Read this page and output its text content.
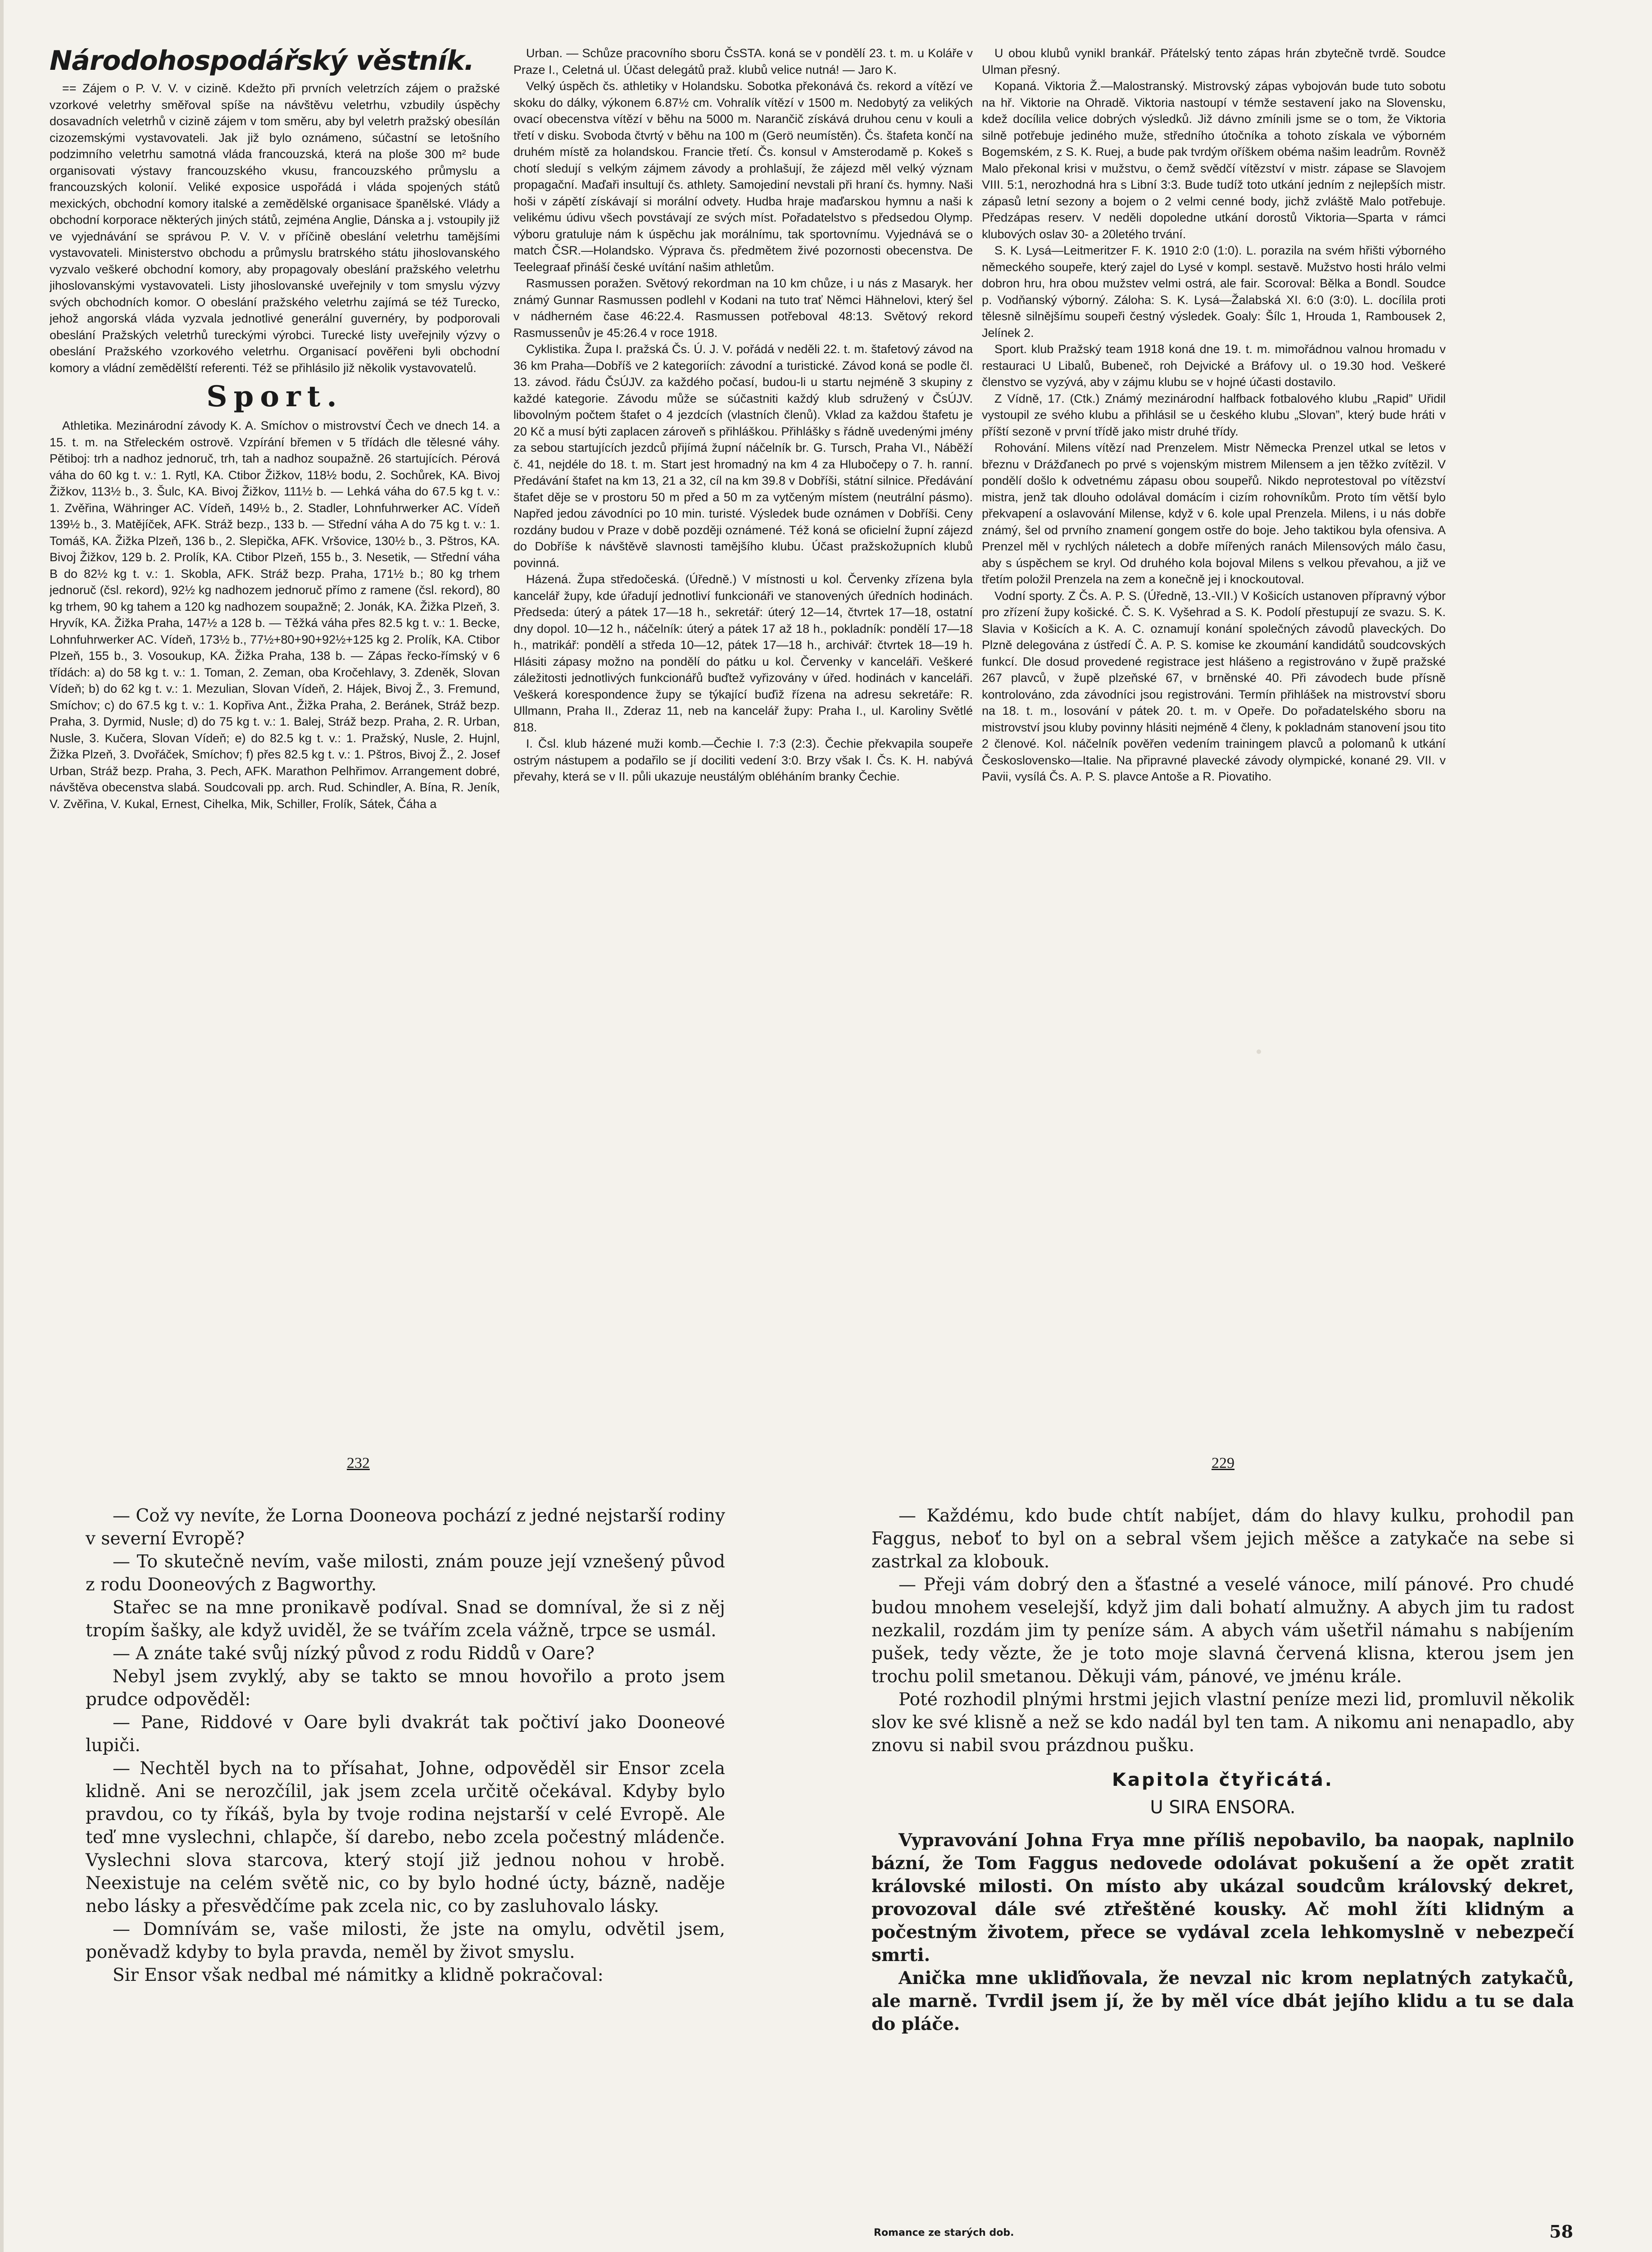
Národohospodářský věstník.

== Zájem o P. V. V. v cizině. Kdežto při prvních veletrzích zájem o pražské vzorkové veletrhy směřoval spíše na návštěvu veletrhu, vzbudily úspěchy dosavadních veletrhů v cizině zájem v tom směru, aby byl veletrh pražský obesílán cizozemskými vystavovateli. Jak již bylo oznámeno, súčastní se letošního podzimního veletrhu samotná vláda francouzská, která na ploše 300 m² bude organisovati výstavy francouzského vkusu, francouzského průmyslu a francouzských kolonií. Veliké exposice uspořádá i vláda spojených států mexických, obchodní komory italské a zemědělské organisace španělské. Vlády a obchodní korporace některých jiných států, zejména Anglie, Dánska a j. vstoupily již ve vyjednávání se správou P. V. V. v příčině obeslání veletrhu tamějšími vystavovateli. Ministerstvo obchodu a průmyslu bratrského státu jihoslovanského vyzvalo veškeré obchodní komory, aby propagovaly obeslání pražského veletrhu jihoslovanskými vystavovateli. Listy jihoslovanské uveřejnily v tom smyslu výzvy svých obchodních komor. O obeslání pražského veletrhu zajímá se též Turecko, jehož angorská vláda vyzvala jednotlivé generální guvernéry, by podporovali obeslání Pražských veletrhů tureckými výrobci. Turecké listy uveřejnily výzvy o obeslání Pražského vzorkového veletrhu. Organisací pověřeni byli obchodní komory a vládní zemědělští referenti. Též se přihlásilo již několik vystavovatelů.

Sport.

Athletika. Mezinárodní závody K. A. Smíchov o mistrovství Čech ve dnech 14. a 15. t. m. na Střeleckém ostrově. Vzpírání břemen v 5 třídách dle tělesné váhy. Pětiboj: trh a nadhoz jednoruč, trh, tah a nadhoz soupažně. 26 startujících. Pérová váha do 60 kg t. v.: 1. Rytl, KA. Ctibor Žižkov, 118½ bodu, 2. Sochůrek, KA. Bivoj Žižkov, 113½ b., 3. Šulc, KA. Bivoj Žižkov, 111½ b. — Lehká váha do 67.5 kg t. v.: 1. Zvěřina, Währinger AC. Vídeň, 149½ b., 2. Stadler, Lohnfuhrwerker AC. Vídeň 139½ b., 3. Matějíček, AFK. Stráž bezp., 133 b. — Střední váha A do 75 kg t. v.: 1. Tomáš, KA. Žižka Plzeň, 136 b., 2. Slepička, AFK. Vršovice, 130½ b., 3. Pštros, KA. Bivoj Žižkov, 129 b. 2. Prolík, KA. Ctibor Plzeň, 155 b., 3. Nesetik, — Střední váha B do 82½ kg t. v.: 1. Skobla, AFK. Stráž bezp. Praha, 171½ b.; 80 kg trhem jednoruč (čsl. rekord), 92½ kg nadhozem jednoruč přímo z ramene (čsl. rekord), 80 kg trhem, 90 kg tahem a 120 kg nadhozem soupažně; 2. Jonák, KA. Žižka Plzeň, 3. Hryvík, KA. Žižka Praha, 147½ a 128 b. — Těžká váha přes 82.5 kg t. v.: 1. Becke, Lohnfuhrwerker AC. Vídeň, 173½ b., 77½+80+90+92½+125 kg 2. Prolík, KA. Ctibor Plzeň, 155 b., 3. Vosoukup, KA. Žižka Praha, 138 b. — Zápas řecko-římský v 6 třídách: a) do 58 kg t. v.: 1. Toman, 2. Zeman, oba Kročehlavy, 3. Zdeněk, Slovan Vídeň; b) do 62 kg t. v.: 1. Mezulian, Slovan Vídeň, 2. Hájek, Bivoj Ž., 3. Fremund, Smíchov; c) do 67.5 kg t. v.: 1. Kopřiva Ant., Žižka Praha, 2. Beránek, Stráž bezp. Praha, 3. Dyrmid, Nusle; d) do 75 kg t. v.: 1. Balej, Stráž bezp. Praha, 2. R. Urban, Nusle, 3. Kučera, Slovan Vídeň; e) do 82.5 kg t. v.: 1. Pražský, Nusle, 2. Hujnl, Žižka Plzeň, 3. Dvořáček, Smíchov; f) přes 82.5 kg t. v.: 1. Pštros, Bivoj Ž., 2. Josef Urban, Stráž bezp. Praha, 3. Pech, AFK. Marathon Pelhřimov. Arrangement dobré, návštěva obecenstva slabá. Soudcovali pp. arch. Rud. Schindler, A. Bína, R. Jeník, V. Zvěřina, V. Kukal, Ernest, Cihelka, Mik, Schiller, Frolík, Sátek, Čáha a

Urban. — Schůze pracovního sboru ČsSTA. koná se v pondělí 23. t. m. u Koláře v Praze I., Celetná ul. Účast delegátů praž. klubů velice nutná! — Jaro K.

Velký úspěch čs. athletiky v Holandsku. Sobotka překonává čs. rekord a vítězí ve skoku do dálky, výkonem 6.87½ cm. Vohralík vítězí v 1500 m. Nedobytý za velikých ovací obecenstva vítězí v běhu na 5000 m. Narančič získává druhou cenu v kouli a třetí v disku. Svoboda čtvrtý v běhu na 100 m (Gerö neumístěn). Čs. štafeta končí na druhém místě za holandskou. Francie třetí. Čs. konsul v Amsterodamě p. Kokeš s chotí sledují s velkým zájmem závody a prohlašují, že zájezd měl velký význam propagační. Maďaři insultují čs. athlety. Samojediní nevstali při hraní čs. hymny. Naši hoši v zápětí získávají si morální odvety. Hudba hraje maďarskou hymnu a naši k velikému údivu všech povstávají ze svých míst. Pořadatelstvo s předsedou Olymp. výboru gratuluje nám k úspěchu jak morálnímu, tak sportovnímu. Vyjednává se o match ČSR.—Holandsko. Výprava čs. předmětem živé pozornosti obecenstva. De Teelegraaf přináší české uvítání našim athletům.

Rasmussen poražen. Světový rekordman na 10 km chůze, i u nás z Masaryk. her známý Gunnar Rasmussen podlehl v Kodani na tuto trať Němci Hähnelovi, který šel v nádherném čase 46:22.4. Rasmussen potřeboval 48:13. Světový rekord Rasmussenův je 45:26.4 v roce 1918.

Cyklistika. Župa I. pražská Čs. Ú. J. V. pořádá v neděli 22. t. m. štafetový závod na 36 km Praha—Dobříš ve 2 kategoriích: závodní a turistické. Závod koná se podle čl. 13. závod. řádu ČsÚJV. za každého počasí, budou-li u startu nejméně 3 skupiny z každé kategorie. Závodu může se súčastniti každý klub sdružený v ČsÚJV. libovolným počtem štafet o 4 jezdcích (vlastních členů). Vklad za každou štafetu je 20 Kč a musí býti zaplacen zároveň s přihláškou. Přihlášky s řádně uvedenými jmény za sebou startujících jezdců přijímá župní náčelník br. G. Tursch, Praha VI., Náběží č. 41, nejdéle do 18. t. m. Start jest hromadný na km 4 za Hlubočepy o 7. h. ranní. Předávání štafet na km 13, 21 a 32, cíl na km 39.8 v Dobříši, státní silnice. Předávání štafet děje se v prostoru 50 m před a 50 m za vytčeným místem (neutrální pásmo). Napřed jedou závodníci po 10 min. turisté. Výsledek bude oznámen v Dobříši. Ceny rozdány budou v Praze v době později oznámené. Též koná se oficielní župní zájezd do Dobříše k návštěvě slavnosti tamějšího klubu. Účast pražskožupních klubů povinná.

Házená. Župa středočeská. (Úředně.) V místnosti u kol. Červenky zřízena byla kancelář župy, kde úřadují jednotliví funkcionáři ve stanovených úředních hodinách. Předseda: úterý a pátek 17—18 h., sekretář: úterý 12—14, čtvrtek 17—18, ostatní dny dopol. 10—12 h., náčelník: úterý a pátek 17 až 18 h., pokladník: pondělí 17—18 h., matrikář: pondělí a středa 10—12, pátek 17—18 h., archivář: čtvrtek 18—19 h. Hlásiti zápasy možno na pondělí do pátku u kol. Červenky v kanceláři. Veškeré záležitosti jednotlivých funkcionářů buďtež vyřizovány v úřed. hodinách v kanceláři. Veškerá korespondence župy se týkající buďiž řízena na adresu sekretáře: R. Ullmann, Praha II., Zderaz 11, neb na kancelář župy: Praha I., ul. Karoliny Světlé 818.

I. Čsl. klub házené muži komb.—Čechie I. 7:3 (2:3). Čechie překvapila soupeře ostrým nástupem a podařilo se jí dociliti vedení 3:0. Brzy však I. Čs. K. H. nabývá převahy, která se v II. půli ukazuje neustálým obléháním branky Čechie.

U obou klubů vynikl brankář. Přátelský tento zápas hrán zbytečně tvrdě. Soudce Ulman přesný.

Kopaná. Viktoria Ž.—Malostranský. Mistrovský zápas vybojován bude tuto sobotu na hř. Viktorie na Ohradě. Viktoria nastoupí v témže sestavení jako na Slovensku, kdež docílila velice dobrých výsledků. Již dávno zmínili jsme se o tom, že Viktoria silně potřebuje jediného muže, středního útočníka a tohoto získala ve výborném Bogemském, z S. K. Ruej, a bude pak tvrdým oříškem obéma našim leadrům. Rovněž Malo překonal krisi v mužstvu, o čemž svědčí vítězství v mistr. zápase se Slavojem VIII. 5:1, nerozhodná hra s Libní 3:3. Bude tudíž toto utkání jedním z nejlepších mistr. zápasů letní sezony a bojem o 2 velmi cenné body, jichž zvláště Malo potřebuje. Předzápas reserv. V neděli dopoledne utkání dorostů Viktoria—Sparta v rámci klubových oslav 30- a 20letého trvání.

S. K. Lysá—Leitmeritzer F. K. 1910 2:0 (1:0). L. porazila na svém hřišti výborného německého soupeře, který zajel do Lysé v kompl. sestavě. Mužstvo hosti hrálo velmi dobron hru, hra obou mužstev velmi ostrá, ale fair. Scoroval: Bělka a Bondl. Soudce p. Vodňanský výborný. Zálohа: S. K. Lysá—Žalabská XI. 6:0 (3:0). L. docílila proti tělesně silnějšímu soupeři čestný výsledek. Goaly: Šílc 1, Hrouda 1, Rambousek 2, Jelínek 2.

Sport. klub Pražský team 1918 koná dne 19. t. m. mimořádnou valnou hromadu v restauraci U Libalů, Bubeneč, roh Dejvické a Bráfovy ul. o 19.30 hod. Veškeré členstvo se vyzývá, aby v zájmu klubu se v hojné účasti dostavilo.

Z Vídně, 17. (Ctk.) Známý mezinárodní halfback fotbalového klubu „Rapid” Uřidil vystoupil ze svého klubu a přihlásil se u českého klubu „Slovan”, který bude hráti v příští sezoně v první třídě jako mistr druhé třídy.

Rohování. Milens vítězí nad Prenzelem. Mistr Německa Prenzel utkal se letos v březnu v Drážďanech po prvé s vojenským mistrem Milensem a jen těžko zvítězil. V pondělí došlo k odvetnému zápasu obou soupeřů. Nikdo neprotestoval po vítězství mistra, jenž tak dlouho odolával domácím i cizím rohovníkům. Proto tím větší bylo překvapení a oslavování Milense, když v 6. kole upal Prenzela. Milens, i u nás dobře známý, šel od prvního znamení gongem ostře do boje. Jeho taktikou byla ofensiva. A Prenzel měl v rychlých náletech a dobře mířených ranách Milensových málo času, aby s úspěchem se kryl. Od druhého kola bojoval Milens s velkou převahou, a již ve třetím položil Prenzela na zem a konečně jej i knockoutoval.

Vodní sporty. Z Čs. A. P. S. (Úředně, 13.-VII.) V Košicích ustanoven přípravný výbor pro zřízení župy košické. Č. S. K. Vyšehrad a S. K. Podolí přestupují ze svazu. S. K. Slavia v Košicích a K. A. C. oznamují konání společných závodů plaveckých. Do Plzně delegována z ústředí Č. A. P. S. komise ke zkoumání kandidátů soudcovských funkcí. Dle dosud provedené registrace jest hlášeno a registrováno v župě pražské 267 plavců, v župě plzeňské 67, v brněnské 40. Při závodech bude přísně kontrolováno, zda závodníci jsou registrováni. Termín přihlášek na mistrovství sboru na 18. t. m., losování v pátek 20. t. m. v Opeře. Do pořadatelského sboru na mistrovství jsou kluby povinny hlásiti nejméně 4 členy, k pokladnám stanovení jsou tito 2 členové. Kol. náčelník pověřen vedením trainingem plavců a polomanů k utkání Československo—Italie. Na připravné plavecké závody olympické, konané 29. VII. v Pavii, vysílá Čs. A. P. S. plavce Antoše a R. Piovatiho.

232	229

— Což vy nevíte, že Lorna Dooneova pochází z jedné nejstarší rodiny v severní Evropě?

— To skutečně nevím, vaše milosti, znám pouze její vznešený původ z rodu Dooneových z Bagworthy.

Stařec se na mne pronikavě podíval. Snad se domníval, že si z něj tropím šašky, ale když uviděl, že se tvářím zcela vážně, trpce se usmál.

— A znáte také svůj nízký původ z rodu Riddů v Oare?

Nebyl jsem zvyklý, aby se takto se mnou hovořilo a proto jsem prudce odpověděl:

— Pane, Riddové v Oare byli dvakrát tak počtiví jako Dooneové lupiči.

— Nechtěl bych na to přísahat, Johne, odpověděl sir Ensor zcela klidně. Ani se nerozčílil, jak jsem zcela určitě očekával. Kdyby bylo pravdou, co ty říkáš, byla by tvoje rodina nejstarší v celé Evropě. Ale teď mne vyslechni, chlapče, ší darebo, nebo zcela počestný mládenče. Vyslechni slova starcova, který stojí již jednou nohou v hrobě. Neexistuje na celém světě nic, co by bylo hodné úcty, bázně, naděje nebo lásky a přesvědčíme pak zcela nic, co by zasluhovalo lásky.

— Domnívám se, vaše milosti, že jste na omylu, odvětil jsem, poněvadž kdyby to byla pravda, neměl by život smyslu.

Sir Ensor však nedbal mé námitky a klidně pokračoval:

— Každému, kdo bude chtít nabíjet, dám do hlavy kulku, prohodil pan Faggus, neboť to byl on a sebral všem jejich měšce a zatykače na sebe si zastrkal za klobouk.

— Přeji vám dobrý den a šťastné a veselé vánoce, milí pánové. Pro chudé budou mnohem veselejší, když jim dali bohatí almužny. A abych jim tu radost nezkalil, rozdám jim ty peníze sám. A abych vám ušetřil námahu s nabíjením pušek, tedy vězte, že je toto moje slavná červená klisna, kterou jsem jen trochu polil smetanou. Děkuji vám, pánové, ve jménu krále.

Poté rozhodil plnými hrstmi jejich vlastní peníze mezi lid, promluvil několik slov ke své klisně a než se kdo nadál byl ten tam. A nikomu ani nenapadlo, aby znovu si nabil svou prázdnou pušku.

Kapitola čtyřicátá.

U SIRA ENSORA.

Vypravování Johna Frya mne příliš nepobavilo, ba naopak, naplnilo bázní, že Tom Faggus nedovede odolávat pokušení a že opět zratit královské milosti. On místo aby ukázal soudcům královský dekret, provozoval dále své ztřeštěné kousky. Ač mohl žíti klidným a počestným životem, přece se vydával zcela lehkomyslně v nebezpečí smrti.

Anička mne ukliďňovala, že nevzal nic krom neplatných zatykačů, ale marně. Tvrdil jsem jí, že by měl více dbát jejího klidu a tu se dala do pláče.

Romance ze starých dob.	58
